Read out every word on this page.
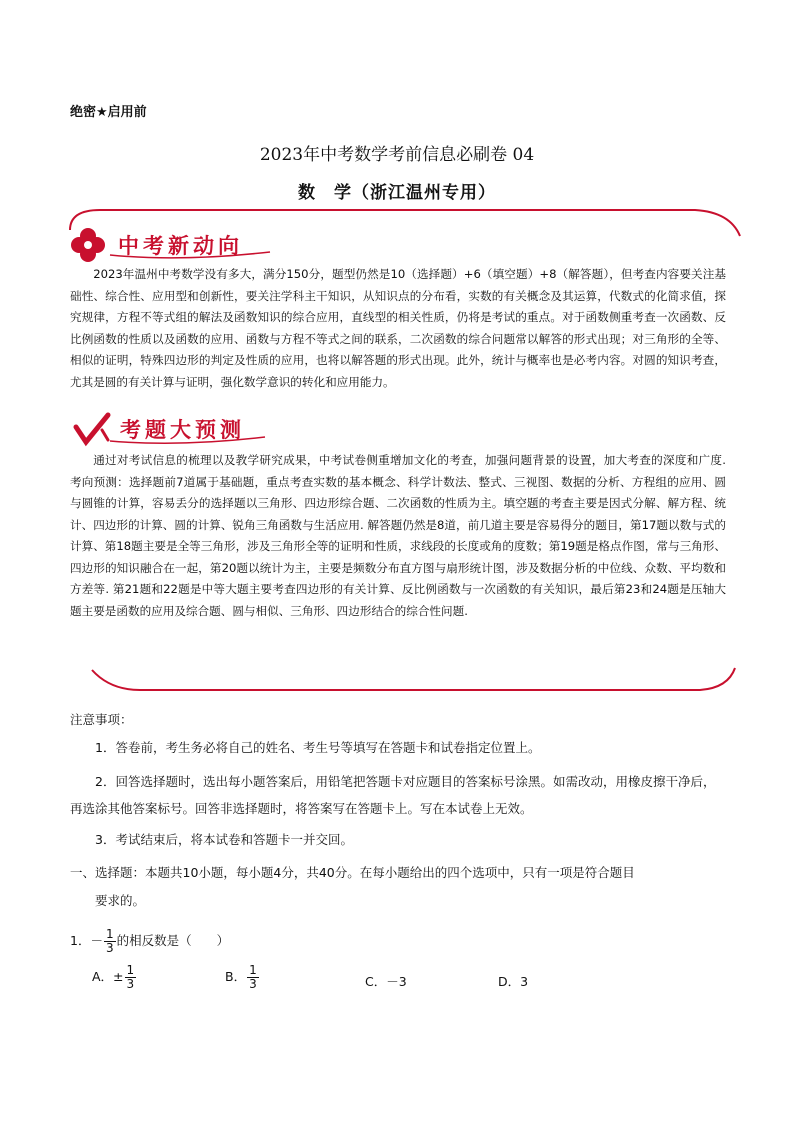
绝密★启用前
2023年中考数学考前信息必刷卷 04
数　学（浙江温州专用）
中考新动向

2023年温州中考数学没有多大，满分150分，题型仍然是10（选择题）+6（填空题）+8（解答题），但考查内容要关注基础性、综合性、应用型和创新性，要关注学科主干知识，从知识点的分布看，实数的有关概念及其运算，代数式的化简求值，探究规律，方程不等式组的解法及函数知识的综合应用，直线型的相关性质，仍将是考试的重点。对于函数侧重考查一次函数、反比例函数的性质以及函数的应用、函数与方程不等式之间的联系，二次函数的综合问题常以解答的形式出现；对三角形的全等、相似的证明，特殊四边形的判定及性质的应用，也将以解答题的形式出现。此外，统计与概率也是必考内容。对圆的知识考查，尤其是圆的有关计算与证明，强化数学意识的转化和应用能力。

考题大预测

通过对考试信息的梳理以及教学研究成果，中考试卷侧重增加文化的考查，加强问题背景的设置，加大考查的深度和广度. 考向预测：选择题前7道属于基础题，重点考查实数的基本概念、科学计数法、整式、三视图、数据的分析、方程组的应用、圆与圆锥的计算，容易丢分的选择题以三角形、四边形综合题、二次函数的性质为主。填空题的考查主要是因式分解、解方程、统计、四边形的计算、圆的计算、锐角三角函数与生活应用. 解答题仍然是8道，前几道主要是容易得分的题目，第17题以数与式的计算、第18题主要是全等三角形，涉及三角形全等的证明和性质，求线段的长度或角的度数；第19题是格点作图，常与三角形、四边形的知识融合在一起，第20题以统计为主，主要是频数分布直方图与扇形统计图，涉及数据分析的中位线、众数、平均数和方差等. 第21题和22题是中等大题主要考查四边形的有关计算、反比例函数与一次函数的有关知识，最后第23和24题是压轴大题主要是函数的应用及综合题、圆与相似、三角形、四边形结合的综合性问题.

注意事项：
1．答卷前，考生务必将自己的姓名、考生号等填写在答题卡和试卷指定位置上。
2．回答选择题时，选出每小题答案后，用铅笔把答题卡对应题目的答案标号涂黑。如需改动，用橡皮擦干净后，再选涂其他答案标号。回答非选择题时，将答案写在答题卡上。写在本试卷上无效。
3．考试结束后，将本试卷和答题卡一并交回。
一、选择题：本题共10小题，每小题4分，共40分。在每小题给出的四个选项中，只有一项是符合题目
要求的。
1．－ $\frac{1}{3}$ 的相反数是（　　）
A．± $\frac{1}{3}$	B． $\frac{1}{3}$	C．－3	D．3
